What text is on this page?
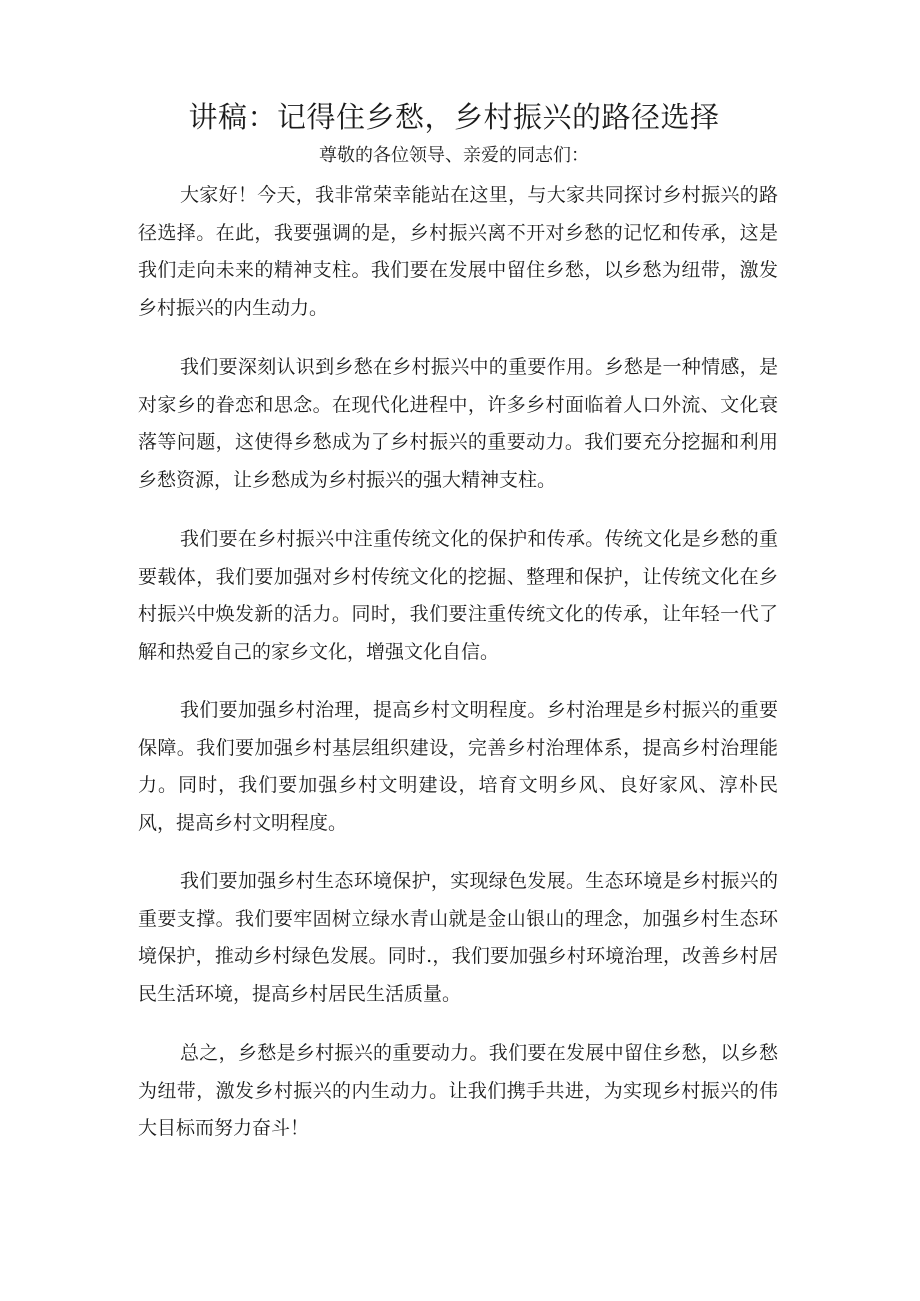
讲稿：记得住乡愁，乡村振兴的路径选择

尊敬的各位领导、亲爱的同志们：

大家好！今天，我非常荣幸能站在这里，与大家共同探讨乡村振兴的路径选择。在此，我要强调的是，乡村振兴离不开对乡愁的记忆和传承，这是我们走向未来的精神支柱。我们要在发展中留住乡愁，以乡愁为纽带，激发乡村振兴的内生动力。

我们要深刻认识到乡愁在乡村振兴中的重要作用。乡愁是一种情感，是对家乡的眷恋和思念。在现代化进程中，许多乡村面临着人口外流、文化衰落等问题，这使得乡愁成为了乡村振兴的重要动力。我们要充分挖掘和利用乡愁资源，让乡愁成为乡村振兴的强大精神支柱。

我们要在乡村振兴中注重传统文化的保护和传承。传统文化是乡愁的重要载体，我们要加强对乡村传统文化的挖掘、整理和保护，让传统文化在乡村振兴中焕发新的活力。同时，我们要注重传统文化的传承，让年轻一代了解和热爱自己的家乡文化，增强文化自信。

我们要加强乡村治理，提高乡村文明程度。乡村治理是乡村振兴的重要保障。我们要加强乡村基层组织建设，完善乡村治理体系，提高乡村治理能力。同时，我们要加强乡村文明建设，培育文明乡风、良好家风、淳朴民风，提高乡村文明程度。

我们要加强乡村生态环境保护，实现绿色发展。生态环境是乡村振兴的重要支撑。我们要牢固树立绿水青山就是金山银山的理念，加强乡村生态环境保护，推动乡村绿色发展。同时.，我们要加强乡村环境治理，改善乡村居民生活环境，提高乡村居民生活质量。

总之，乡愁是乡村振兴的重要动力。我们要在发展中留住乡愁，以乡愁为纽带，激发乡村振兴的内生动力。让我们携手共进，为实现乡村振兴的伟大目标而努力奋斗！
